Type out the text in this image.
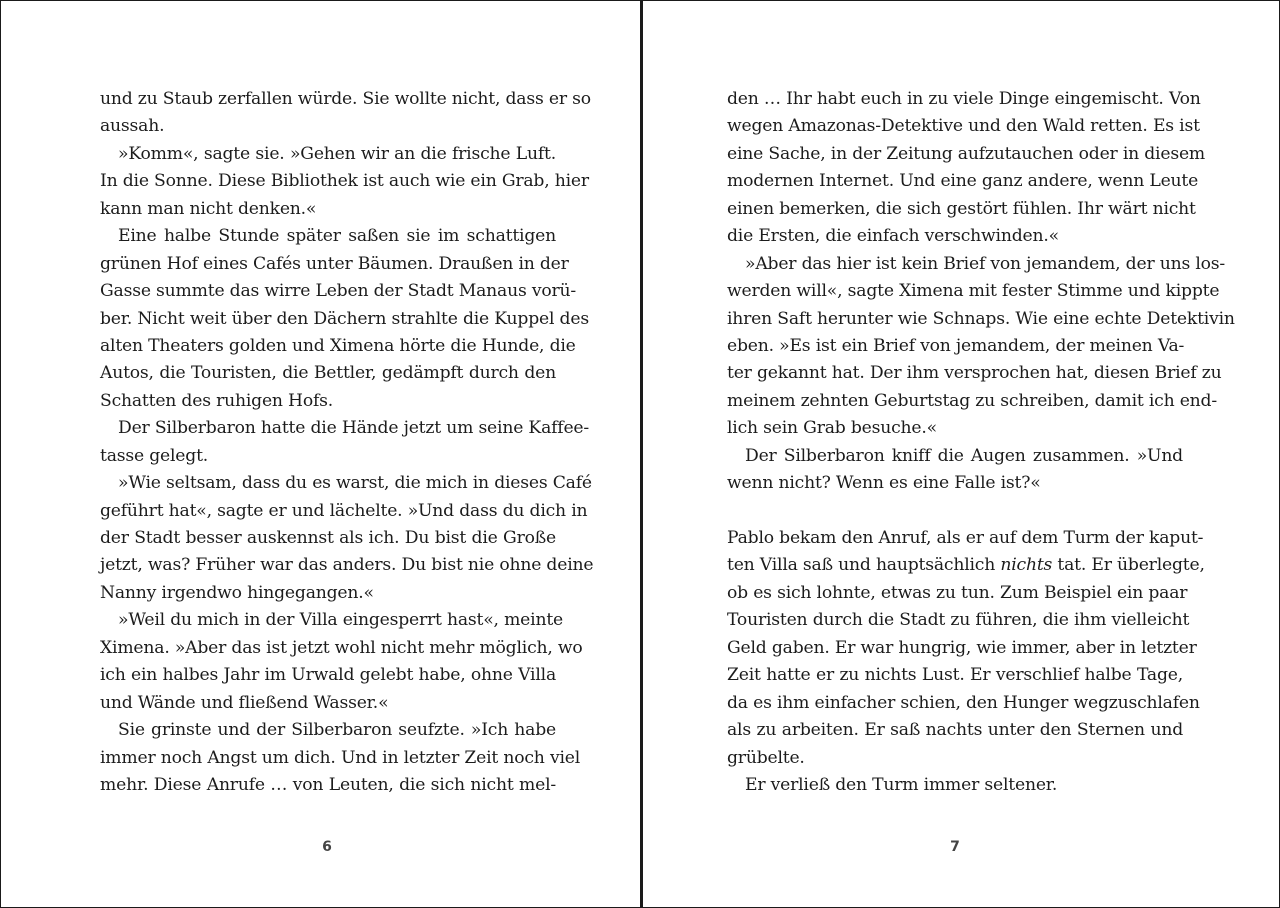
und zu Staub zerfallen würde. Sie wollte nicht, dass er so
aussah.
»Komm«, sagte sie. »Gehen wir an die frische Luft.
In die Sonne. Diese Bibliothek ist auch wie ein Grab, hier
kann man nicht denken.«
Eine halbe Stunde später saßen sie im schattigen
grünen Hof eines Cafés unter Bäumen. Draußen in der
Gasse summte das wirre Leben der Stadt Manaus vorü-
ber. Nicht weit über den Dächern strahlte die Kuppel des
alten Theaters golden und Ximena hörte die Hunde, die
Autos, die Touristen, die Bettler, gedämpft durch den
Schatten des ruhigen Hofs.
Der Silberbaron hatte die Hände jetzt um seine Kaffee-
tasse gelegt.
»Wie seltsam, dass du es warst, die mich in dieses Café
geführt hat«, sagte er und lächelte. »Und dass du dich in
der Stadt besser auskennst als ich. Du bist die Große
jetzt, was? Früher war das anders. Du bist nie ohne deine
Nanny irgendwo hingegangen.«
»Weil du mich in der Villa eingesperrt hast«, meinte
Ximena. »Aber das ist jetzt wohl nicht mehr möglich, wo
ich ein halbes Jahr im Urwald gelebt habe, ohne Villa
und Wände und fließend Wasser.«
Sie grinste und der Silberbaron seufzte. »Ich habe
immer noch Angst um dich. Und in letzter Zeit noch viel
mehr. Diese Anrufe … von Leuten, die sich nicht mel-
den … Ihr habt euch in zu viele Dinge eingemischt. Von
wegen Amazonas-Detektive und den Wald retten. Es ist
eine Sache, in der Zeitung aufzutauchen oder in diesem
modernen Internet. Und eine ganz andere, wenn Leute
einen bemerken, die sich gestört fühlen. Ihr wärt nicht
die Ersten, die einfach verschwinden.«
»Aber das hier ist kein Brief von jemandem, der uns los-
werden will«, sagte Ximena mit fester Stimme und kippte
ihren Saft herunter wie Schnaps. Wie eine echte Detektivin
eben. »Es ist ein Brief von jemandem, der meinen Va-
ter gekannt hat. Der ihm versprochen hat, diesen Brief zu
meinem zehnten Geburtstag zu schreiben, damit ich end-
lich sein Grab besuche.«
Der Silberbaron kniff die Augen zusammen. »Und
wenn nicht? Wenn es eine Falle ist?«
Pablo bekam den Anruf, als er auf dem Turm der kaput-
ten Villa saß und hauptsächlich nichts tat. Er überlegte,
ob es sich lohnte, etwas zu tun. Zum Beispiel ein paar
Touristen durch die Stadt zu führen, die ihm vielleicht
Geld gaben. Er war hungrig, wie immer, aber in letzter
Zeit hatte er zu nichts Lust. Er verschlief halbe Tage,
da es ihm einfacher schien, den Hunger wegzuschlafen
als zu arbeiten. Er saß nachts unter den Sternen und
grübelte.
Er verließ den Turm immer seltener.
6	7
